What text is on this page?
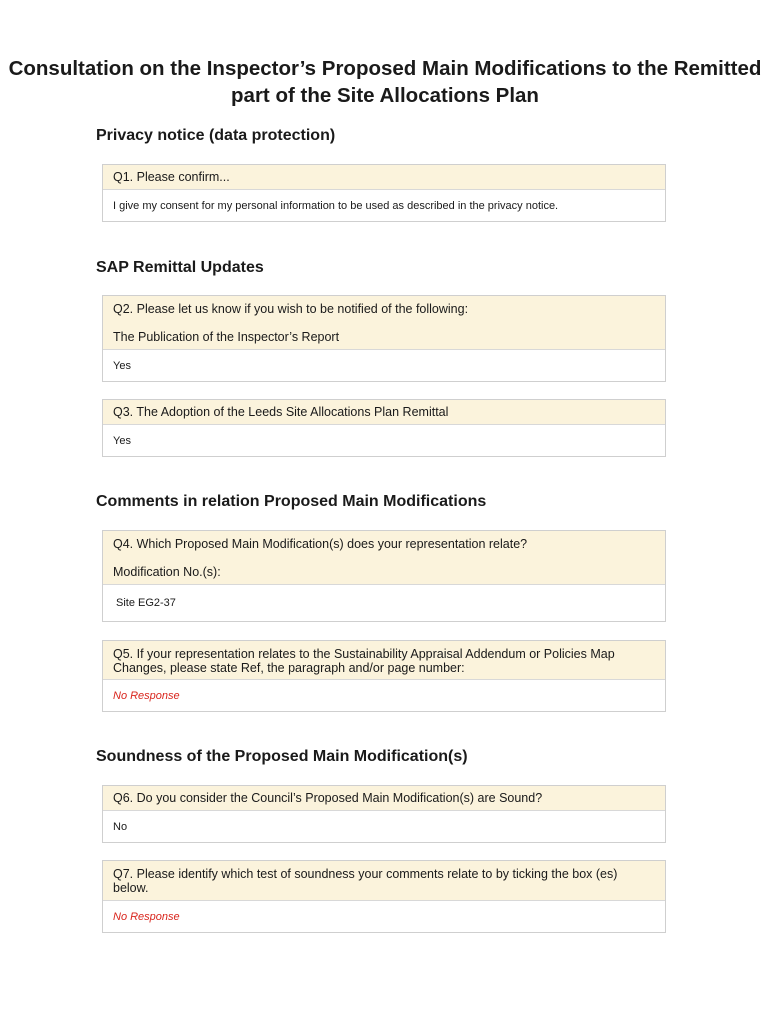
Consultation on the Inspector’s Proposed Main Modifications to the Remitted part of the Site Allocations Plan
Privacy notice (data protection)

Q1. Please confirm...

I give my consent for my personal information to be used as described in the privacy notice.
SAP Remittal Updates

Q2. Please let us know if you wish to be notified of the following:

The Publication of the Inspector’s Report

Yes

Q3. The Adoption of the Leeds Site Allocations Plan Remittal

Yes
Comments in relation Proposed Main Modifications

Q4. Which Proposed Main Modification(s) does your representation relate?

Modification No.(s):

Site EG2-37

Q5. If your representation relates to the Sustainability Appraisal Addendum or Policies Map Changes, please state Ref, the paragraph and/or page number:

No Response
Soundness of the Proposed Main Modification(s)

Q6. Do you consider the Council’s Proposed Main Modification(s) are Sound?

No

Q7. Please identify which test of soundness your comments relate to by ticking the box (es) below.

No Response
